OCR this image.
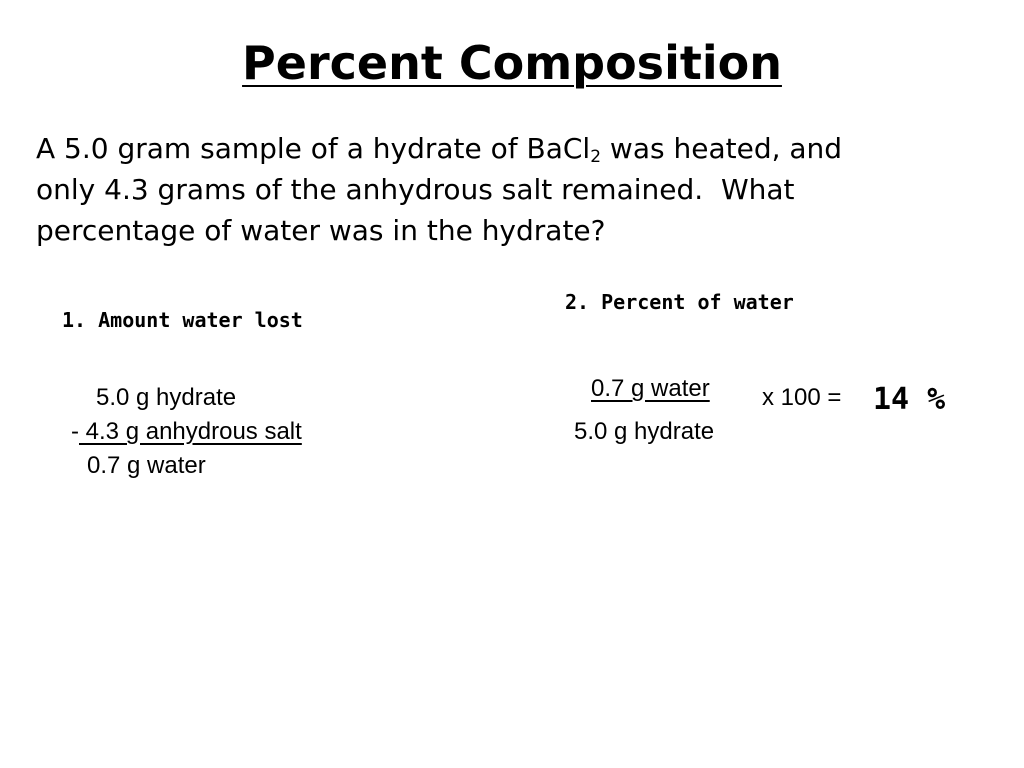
Percent Composition
A 5.0 gram sample of a hydrate of BaCl$_2$ was heated, and
only 4.3 grams of the anhydrous salt remained.  What
percentage of water was in the hydrate?
1. Amount water lost
5.0 g hydrate
- 4.3 g anhydrous salt
0.7 g water
2. Percent of water
0.7 g water x 100 = 14 %
5.0 g hydrate
